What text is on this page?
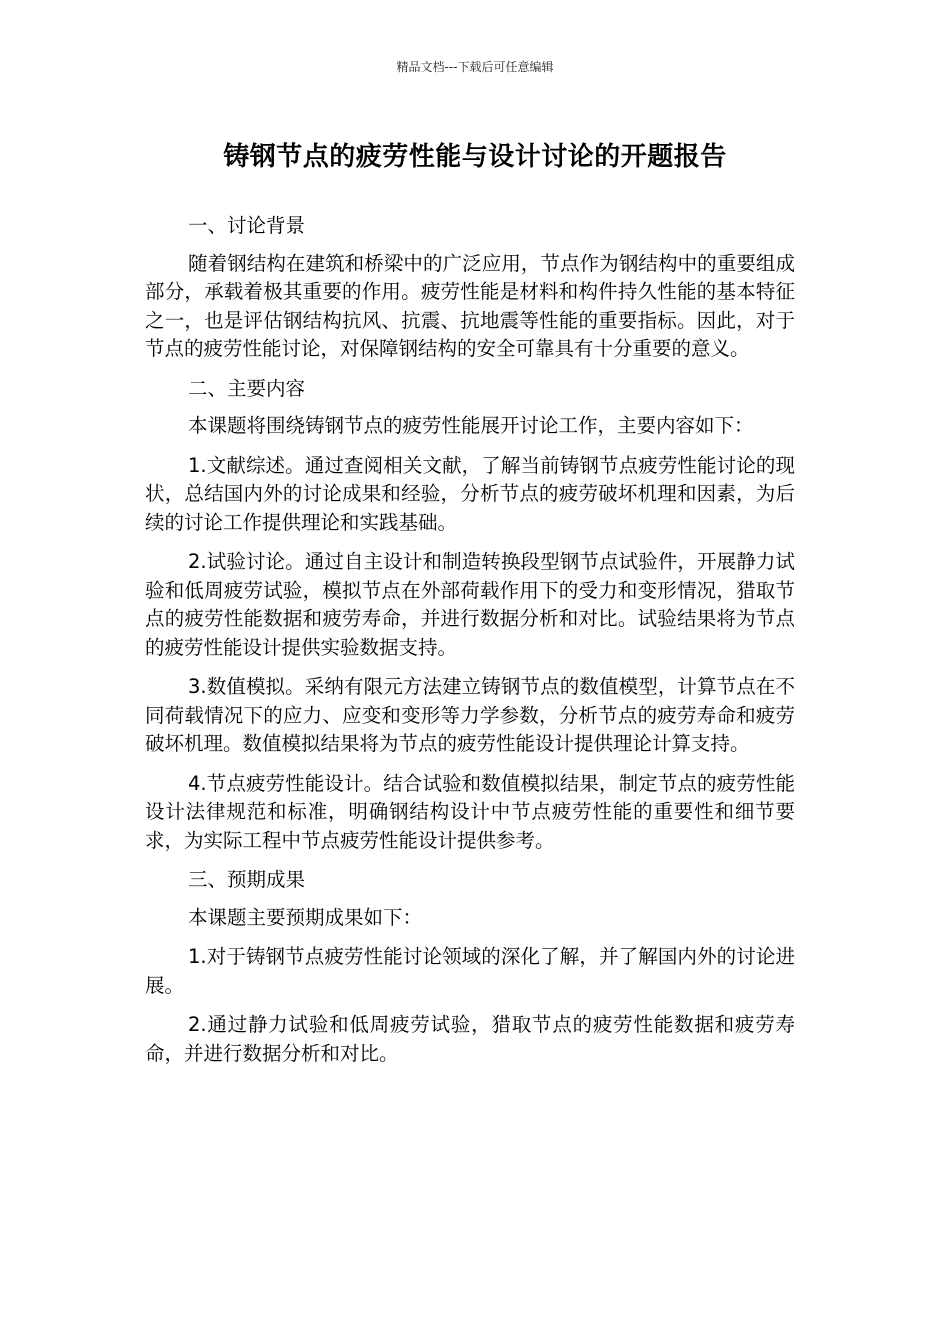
精品文档---下载后可任意编辑
铸钢节点的疲劳性能与设计讨论的开题报告

一、讨论背景

随着钢结构在建筑和桥梁中的广泛应用，节点作为钢结构中的重要组成部分，承载着极其重要的作用。疲劳性能是材料和构件持久性能的基本特征之一，也是评估钢结构抗风、抗震、抗地震等性能的重要指标。因此，对于节点的疲劳性能讨论，对保障钢结构的安全可靠具有十分重要的意义。

二、主要内容

本课题将围绕铸钢节点的疲劳性能展开讨论工作，主要内容如下：

1.文献综述。通过查阅相关文献，了解当前铸钢节点疲劳性能讨论的现状，总结国内外的讨论成果和经验，分析节点的疲劳破坏机理和因素，为后续的讨论工作提供理论和实践基础。

2.试验讨论。通过自主设计和制造转换段型钢节点试验件，开展静力试验和低周疲劳试验，模拟节点在外部荷载作用下的受力和变形情况，猎取节点的疲劳性能数据和疲劳寿命，并进行数据分析和对比。试验结果将为节点的疲劳性能设计提供实验数据支持。

3.数值模拟。采纳有限元方法建立铸钢节点的数值模型，计算节点在不同荷载情况下的应力、应变和变形等力学参数，分析节点的疲劳寿命和疲劳破坏机理。数值模拟结果将为节点的疲劳性能设计提供理论计算支持。

4.节点疲劳性能设计。结合试验和数值模拟结果，制定节点的疲劳性能设计法律规范和标准，明确钢结构设计中节点疲劳性能的重要性和细节要求，为实际工程中节点疲劳性能设计提供参考。

三、预期成果

本课题主要预期成果如下：

1.对于铸钢节点疲劳性能讨论领域的深化了解，并了解国内外的讨论进展。

2.通过静力试验和低周疲劳试验，猎取节点的疲劳性能数据和疲劳寿命，并进行数据分析和对比。
